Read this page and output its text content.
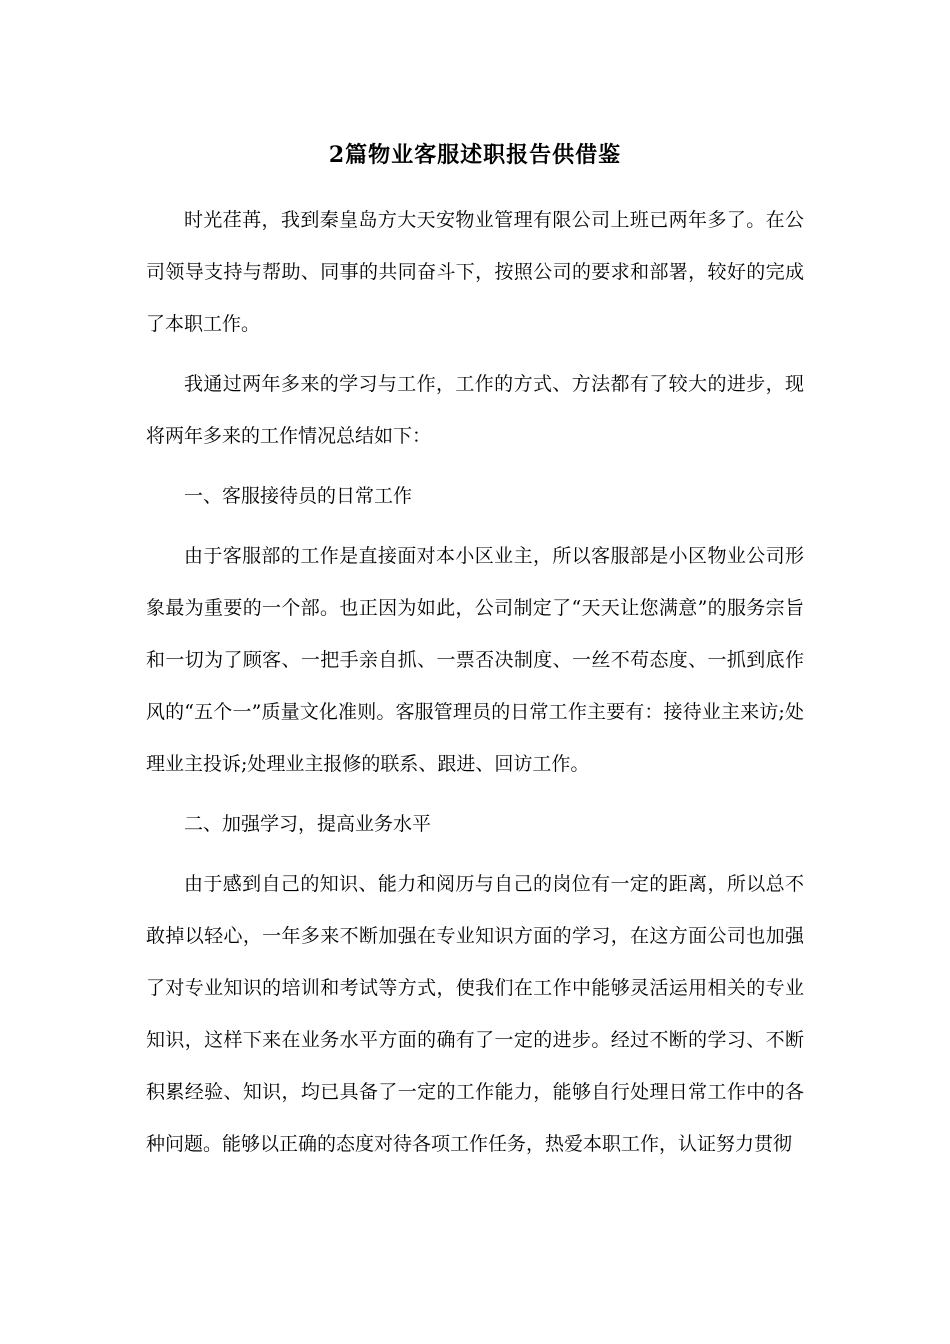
2篇物业客服述职报告供借鉴

时光荏苒，我到秦皇岛方大天安物业管理有限公司上班已两年多了。在公司领导支持与帮助、同事的共同奋斗下，按照公司的要求和部署，较好的完成了本职工作。

我通过两年多来的学习与工作，工作的方式、方法都有了较大的进步，现将两年多来的工作情况总结如下：

一、客服接待员的日常工作

由于客服部的工作是直接面对本小区业主，所以客服部是小区物业公司形象最为重要的一个部。也正因为如此，公司制定了“天天让您满意”的服务宗旨和一切为了顾客、一把手亲自抓、一票否决制度、一丝不苟态度、一抓到底作风的“五个一”质量文化准则。客服管理员的日常工作主要有：接待业主来访;处理业主投诉;处理业主报修的联系、跟进、回访工作。

二、加强学习，提高业务水平

由于感到自己的知识、能力和阅历与自己的岗位有一定的距离，所以总不敢掉以轻心，一年多来不断加强在专业知识方面的学习，在这方面公司也加强了对专业知识的培训和考试等方式，使我们在工作中能够灵活运用相关的专业知识，这样下来在业务水平方面的确有了一定的进步。经过不断的学习、不断积累经验、知识，均已具备了一定的工作能力，能够自行处理日常工作中的各种问题。能够以正确的态度对待各项工作任务，热爱本职工作，认证努力贯彻
